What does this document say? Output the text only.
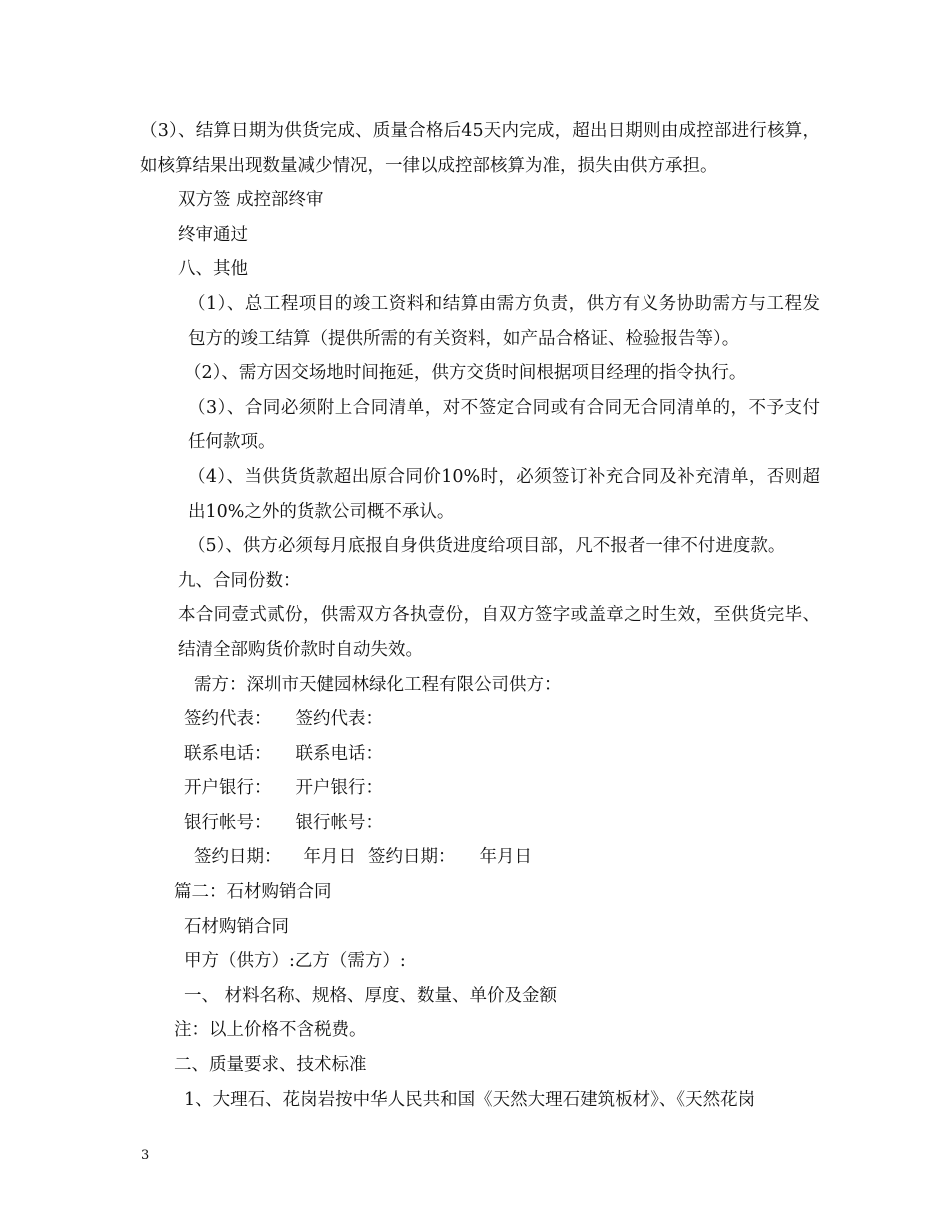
（3）、结算日期为供货完成、质量合格后45天内完成，超出日期则由成控部进行核算，如核算结果出现数量减少情况，一律以成控部核算为准，损失由供方承担。

双方签 成控部终审

终审通过

八、其他

（1）、总工程项目的竣工资料和结算由需方负责，供方有义务协助需方与工程发包方的竣工结算（提供所需的有关资料，如产品合格证、检验报告等）。

（2）、需方因交场地时间拖延，供方交货时间根据项目经理的指令执行。

（3）、合同必须附上合同清单，对不签定合同或有合同无合同清单的，不予支付任何款项。

（4）、当供货货款超出原合同价10%时，必须签订补充合同及补充清单，否则超出10%之外的货款公司概不承认。

（5）、供方必须每月底报自身供货进度给项目部，凡不报者一律不付进度款。

九、合同份数：

本合同壹式贰份，供需双方各执壹份，自双方签字或盖章之时生效，至供货完毕、结清全部购货价款时自动失效。

需方：深圳市天健园林绿化工程有限公司供方：

签约代表： 签约代表：

联系电话： 联系电话：

开户银行： 开户银行：

银行帐号： 银行帐号：

签约日期： 年月日 签约日期： 年月日

篇二：石材购销合同

石材购销合同

甲方（供方）:乙方（需方）:

一、 材料名称、规格、厚度、数量、单价及金额

注：以上价格不含税费。

二、质量要求、技术标准

1、大理石、花岗岩按中华人民共和国《天然大理石建筑板材》、《天然花岗

3
